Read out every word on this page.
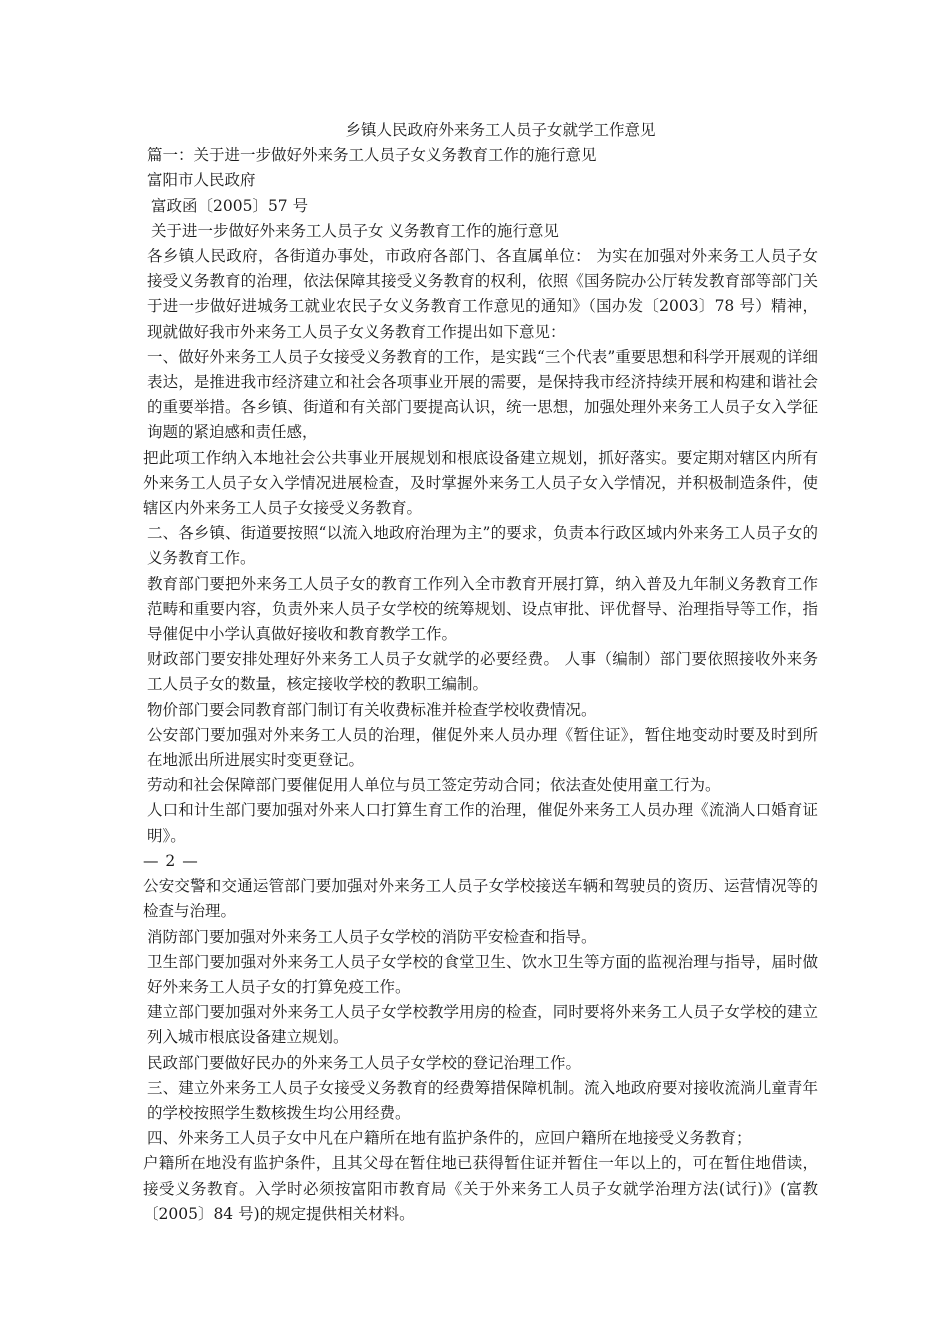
乡镇人民政府外来务工人员子女就学工作意见

篇一：关于进一步做好外来务工人员子女义务教育工作的施行意见

富阳市人民政府

富政函〔2005〕57 号

关于进一步做好外来务工人员子女 义务教育工作的施行意见

各乡镇人民政府，各街道办事处，市政府各部门、各直属单位： 为实在加强对外来务工人员子女接受义务教育的治理，依法保障其接受义务教育的权利，依照《国务院办公厅转发教育部等部门关于进一步做好进城务工就业农民子女义务教育工作意见的通知》（国办发〔2003〕78 号）精神，现就做好我市外来务工人员子女义务教育工作提出如下意见：

一、做好外来务工人员子女接受义务教育的工作，是实践“三个代表”重要思想和科学开展观的详细表达，是推进我市经济建立和社会各项事业开展的需要，是保持我市经济持续开展和构建和谐社会的重要举措。各乡镇、街道和有关部门要提高认识，统一思想，加强处理外来务工人员子女入学征询题的紧迫感和责任感，

把此项工作纳入本地社会公共事业开展规划和根底设备建立规划，抓好落实。要定期对辖区内所有外来务工人员子女入学情况进展检查，及时掌握外来务工人员子女入学情况，并积极制造条件，使辖区内外来务工人员子女接受义务教育。

二、各乡镇、街道要按照“以流入地政府治理为主”的要求，负责本行政区域内外来务工人员子女的义务教育工作。

教育部门要把外来务工人员子女的教育工作列入全市教育开展打算，纳入普及九年制义务教育工作范畴和重要内容，负责外来人员子女学校的统筹规划、设点审批、评优督导、治理指导等工作，指导催促中小学认真做好接收和教育教学工作。

财政部门要安排处理好外来务工人员子女就学的必要经费。 人事（编制）部门要依照接收外来务工人员子女的数量，核定接收学校的教职工编制。

物价部门要会同教育部门制订有关收费标准并检查学校收费情况。

公安部门要加强对外来务工人员的治理，催促外来人员办理《暂住证》，暂住地变动时要及时到所在地派出所进展实时变更登记。

劳动和社会保障部门要催促用人单位与员工签定劳动合同；依法查处使用童工行为。

人口和计生部门要加强对外来人口打算生育工作的治理，催促外来务工人员办理《流淌人口婚育证明》。

— 2 —

公安交警和交通运管部门要加强对外来务工人员子女学校接送车辆和驾驶员的资历、运营情况等的检查与治理。

消防部门要加强对外来务工人员子女学校的消防平安检查和指导。

卫生部门要加强对外来务工人员子女学校的食堂卫生、饮水卫生等方面的监视治理与指导，届时做好外来务工人员子女的打算免疫工作。

建立部门要加强对外来务工人员子女学校教学用房的检查，同时要将外来务工人员子女学校的建立列入城市根底设备建立规划。

民政部门要做好民办的外来务工人员子女学校的登记治理工作。

三、建立外来务工人员子女接受义务教育的经费筹措保障机制。流入地政府要对接收流淌儿童青年的学校按照学生数核拨生均公用经费。

四、外来务工人员子女中凡在户籍所在地有监护条件的，应回户籍所在地接受义务教育；

户籍所在地没有监护条件，且其父母在暂住地已获得暂住证并暂住一年以上的，可在暂住地借读，接受义务教育。入学时必须按富阳市教育局《关于外来务工人员子女就学治理方法(试行)》(富教〔2005〕84 号)的规定提供相关材料。
